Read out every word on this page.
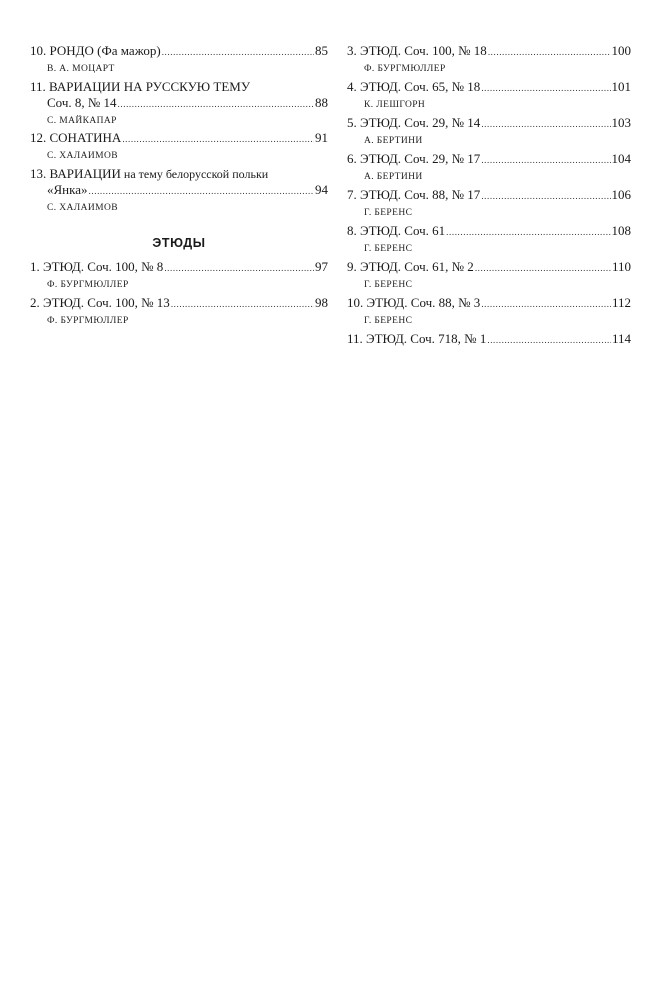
10. РОНДО (Фа мажор) .....	85
В. А. МОЦАРТ
11. ВАРИАЦИИ НА РУССКУЮ ТЕМУ
Соч. 8, № 14 .....	88
С. МАЙКАПАР
12. СОНАТИНА .....	91
С. ХАЛАИМОВ
13. ВАРИАЦИИ на тему белорусской польки
«Янка» .....	94
С. ХАЛАИМОВ
ЭТЮДЫ
1. ЭТЮД. Соч. 100, № 8 .....	97
Ф. БУРГМЮЛЛЕР
2. ЭТЮД. Соч. 100, № 13 .....	98
Ф. БУРГМЮЛЛЕР
3. ЭТЮД. Соч. 100, № 18 .....	100
Ф. БУРГМЮЛЛЕР
4. ЭТЮД. Соч. 65, № 18 .....	101
К. ЛЕШГОРН
5. ЭТЮД. Соч. 29, № 14 .....	103
А. БЕРТИНИ
6. ЭТЮД. Соч. 29, № 17 .....	104
А. БЕРТИНИ
7. ЭТЮД. Соч. 88, № 17 .....	106
Г. БЕРЕНС
8. ЭТЮД. Соч. 61 .....	108
Г. БЕРЕНС
9. ЭТЮД. Соч. 61, № 2 .....	110
Г. БЕРЕНС
10. ЭТЮД. Соч. 88, № 3 .....	112
Г. БЕРЕНС
11. ЭТЮД. Соч. 718, № 1 .....	114
